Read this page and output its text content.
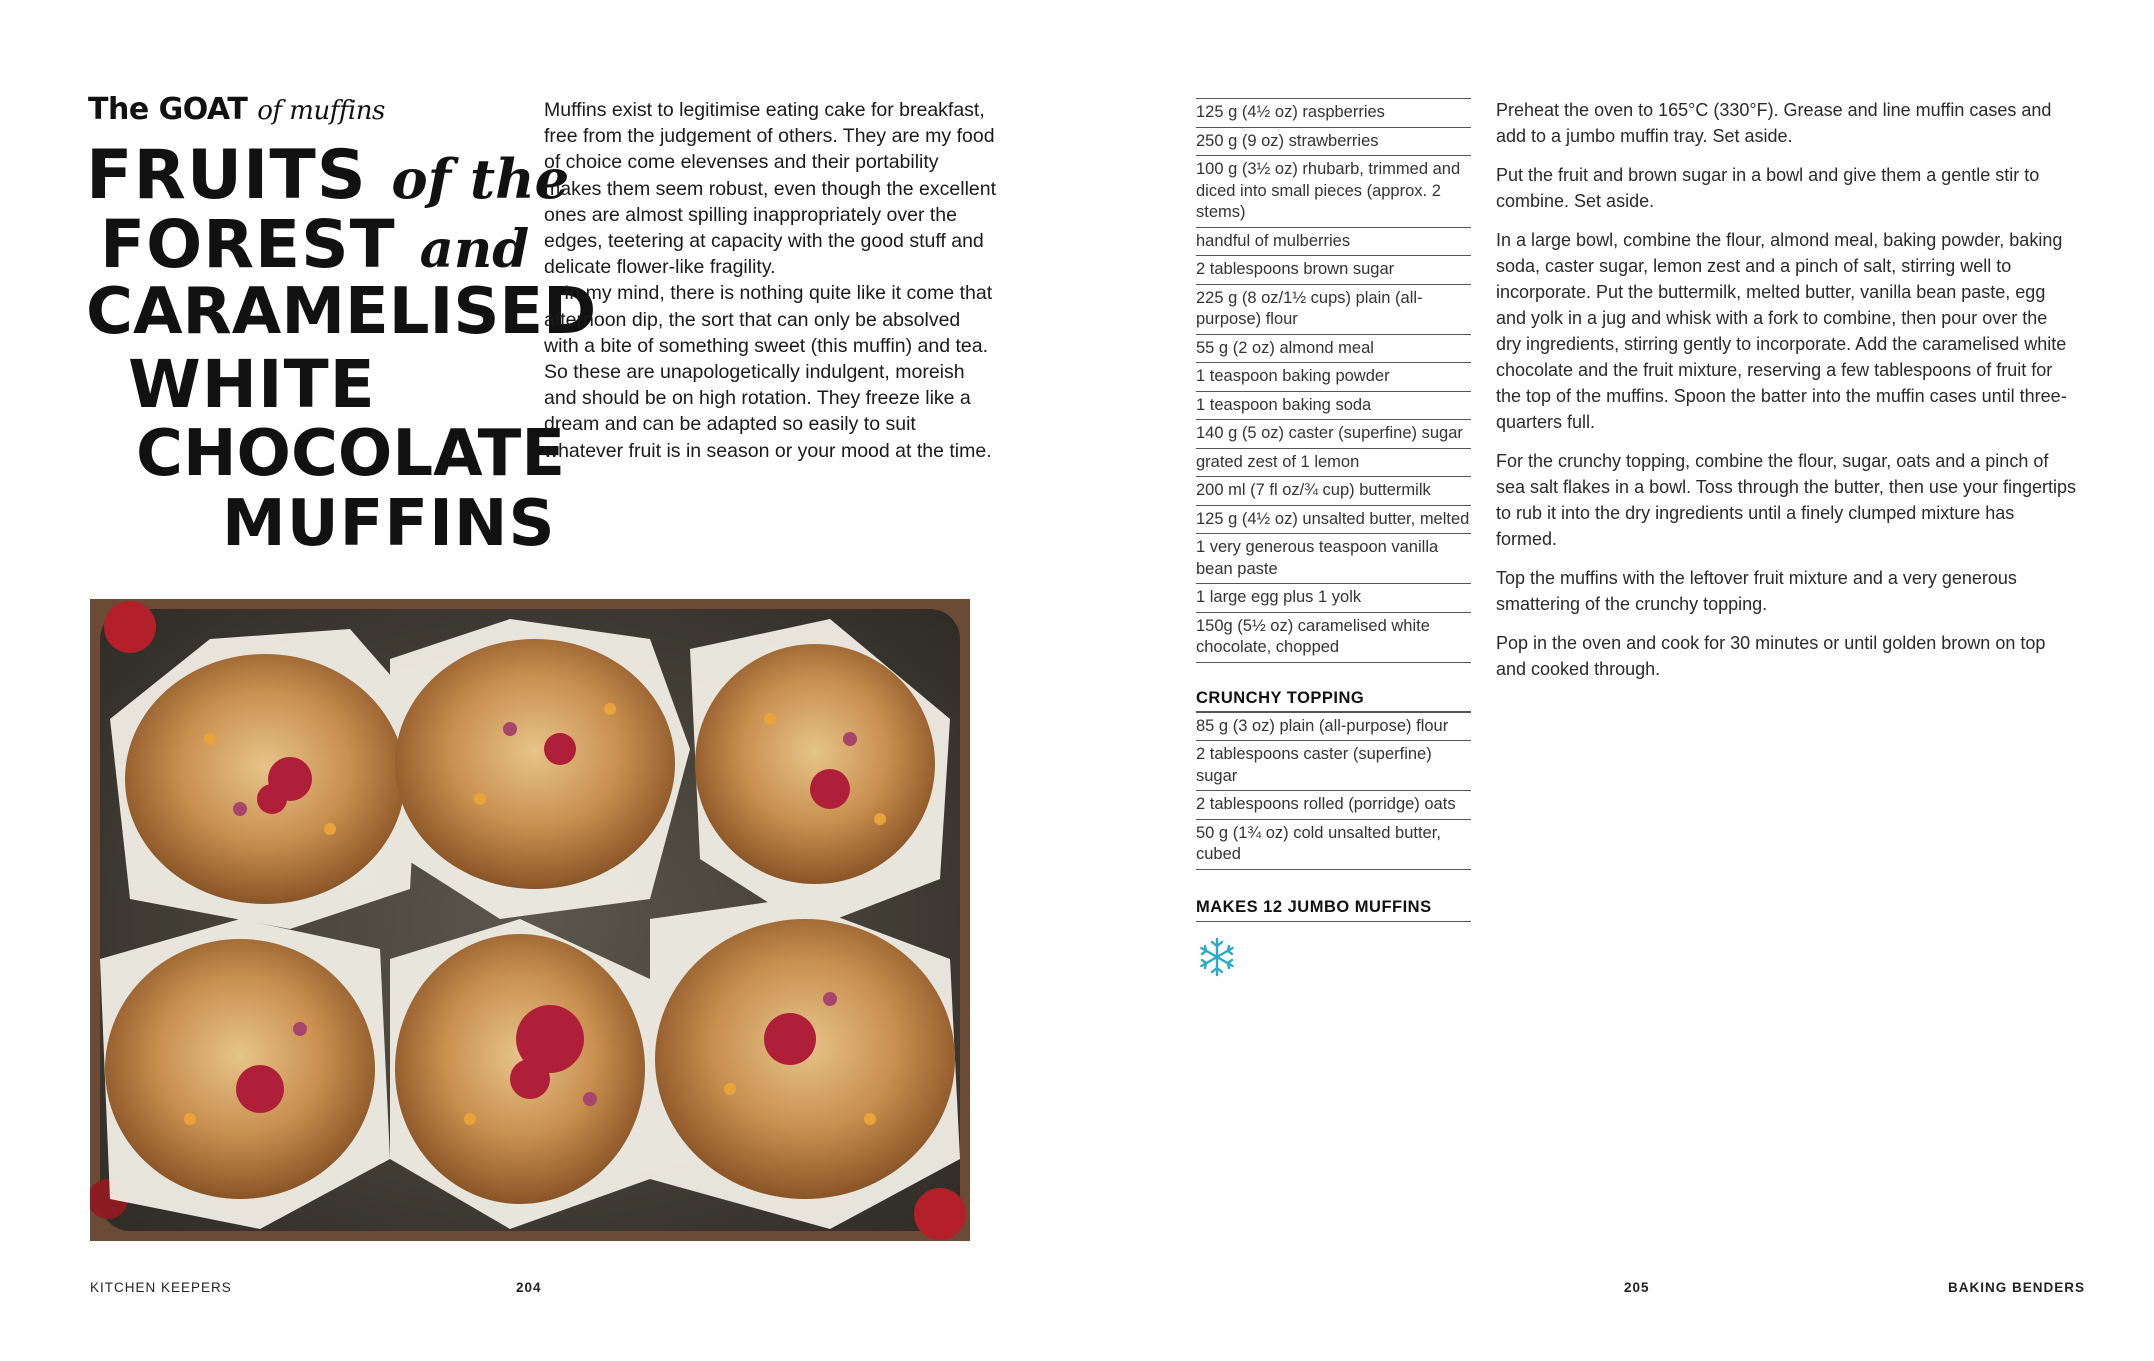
The GOAT of muffins
FRUITS of the
FOREST and
CARAMELISED
WHITE
CHOCOLATE
MUFFINS

Muffins exist to legitimise eating cake for breakfast, free from the judgement of others. They are my food of choice come elevenses and their portability makes them seem robust, even though the excellent ones are almost spilling inappropriately over the edges, teetering at capacity with the good stuff and delicate flower-like fragility.

In my mind, there is nothing quite like it come that afternoon dip, the sort that can only be absolved with a bite of something sweet (this muffin) and tea. So these are unapologetically indulgent, moreish and should be on high rotation. They freeze like a dream and can be adapted so easily to suit whatever fruit is in season or your mood at the time.

KITCHEN KEEPERS	204
125 g (4½ oz) raspberries
250 g (9 oz) strawberries
100 g (3½ oz) rhubarb, trimmed and diced into small pieces (approx. 2 stems)
handful of mulberries
2 tablespoons brown sugar
225 g (8 oz/1½ cups) plain (all-purpose) flour
55 g (2 oz) almond meal
1 teaspoon baking powder
1 teaspoon baking soda
140 g (5 oz) caster (superfine) sugar
grated zest of 1 lemon
200 ml (7 fl oz/¾ cup) buttermilk
125 g (4½ oz) unsalted butter, melted
1 very generous teaspoon vanilla bean paste
1 large egg plus 1 yolk
150g (5½ oz) caramelised white chocolate, chopped
CRUNCHY TOPPING
85 g (3 oz) plain (all-purpose) flour
2 tablespoons caster (superfine) sugar
2 tablespoons rolled (porridge) oats
50 g (1¾ oz) cold unsalted butter, cubed
MAKES 12 JUMBO MUFFINS

Preheat the oven to 165°C (330°F). Grease and line muffin cases and add to a jumbo muffin tray. Set aside.

Put the fruit and brown sugar in a bowl and give them a gentle stir to combine. Set aside.

In a large bowl, combine the flour, almond meal, baking powder, baking soda, caster sugar, lemon zest and a pinch of salt, stirring well to incorporate. Put the buttermilk, melted butter, vanilla bean paste, egg and yolk in a jug and whisk with a fork to combine, then pour over the dry ingredients, stirring gently to incorporate. Add the caramelised white chocolate and the fruit mixture, reserving a few tablespoons of fruit for the top of the muffins. Spoon the batter into the muffin cases until three-quarters full.

For the crunchy topping, combine the flour, sugar, oats and a pinch of sea salt flakes in a bowl. Toss through the butter, then use your fingertips to rub it into the dry ingredients until a finely clumped mixture has formed.

Top the muffins with the leftover fruit mixture and a very generous smattering of the crunchy topping.

Pop in the oven and cook for 30 minutes or until golden brown on top and cooked through.

205	BAKING BENDERS
